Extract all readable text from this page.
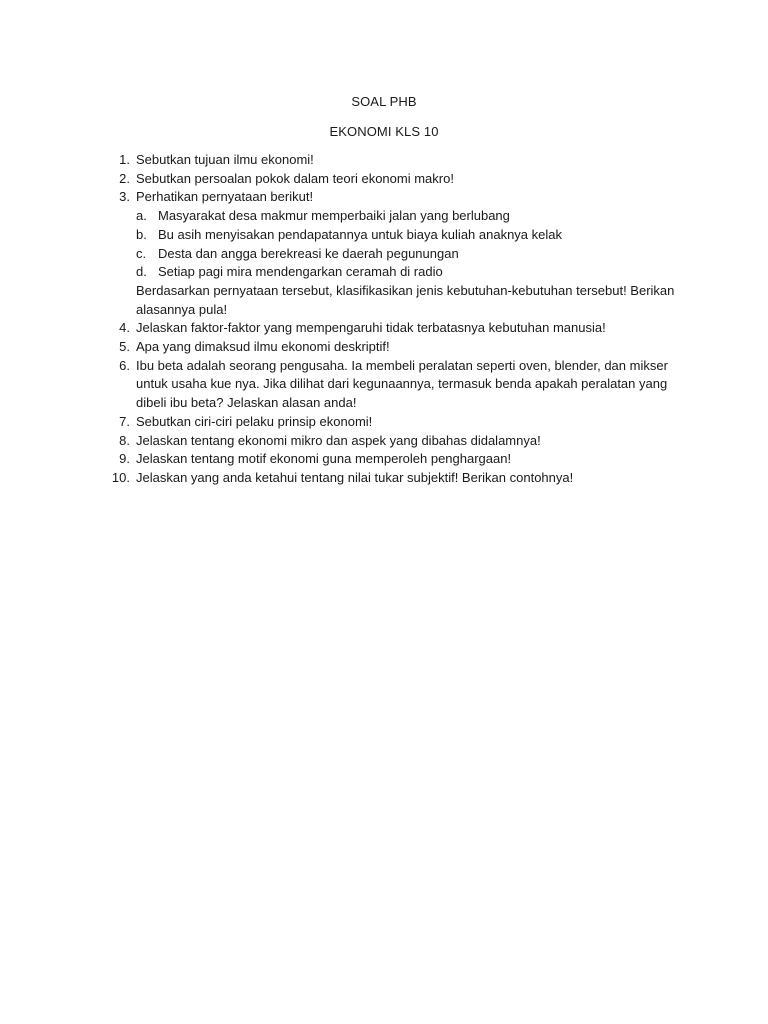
SOAL PHB
EKONOMI KLS 10
1. Sebutkan tujuan ilmu ekonomi!
2. Sebutkan persoalan pokok dalam teori ekonomi makro!
3. Perhatikan pernyataan berikut!
a. Masyarakat desa makmur memperbaiki jalan yang berlubang
b. Bu asih menyisakan pendapatannya untuk biaya kuliah anaknya kelak
c. Desta dan angga berekreasi ke daerah pegunungan
d. Setiap pagi mira mendengarkan ceramah di radio
Berdasarkan pernyataan tersebut, klasifikasikan jenis kebutuhan-kebutuhan tersebut! Berikan
alasannya pula!
4. Jelaskan faktor-faktor yang mempengaruhi tidak terbatasnya kebutuhan manusia!
5. Apa yang dimaksud ilmu ekonomi deskriptif!
6. Ibu beta adalah seorang pengusaha. Ia membeli peralatan seperti oven, blender, dan mikser
untuk usaha kue nya. Jika dilihat dari kegunaannya, termasuk benda apakah peralatan yang
dibeli ibu beta? Jelaskan alasan anda!
7. Sebutkan ciri-ciri pelaku prinsip ekonomi!
8. Jelaskan tentang ekonomi mikro dan aspek yang dibahas didalamnya!
9. Jelaskan tentang motif ekonomi guna memperoleh penghargaan!
10. Jelaskan yang anda ketahui tentang nilai tukar subjektif! Berikan contohnya!
